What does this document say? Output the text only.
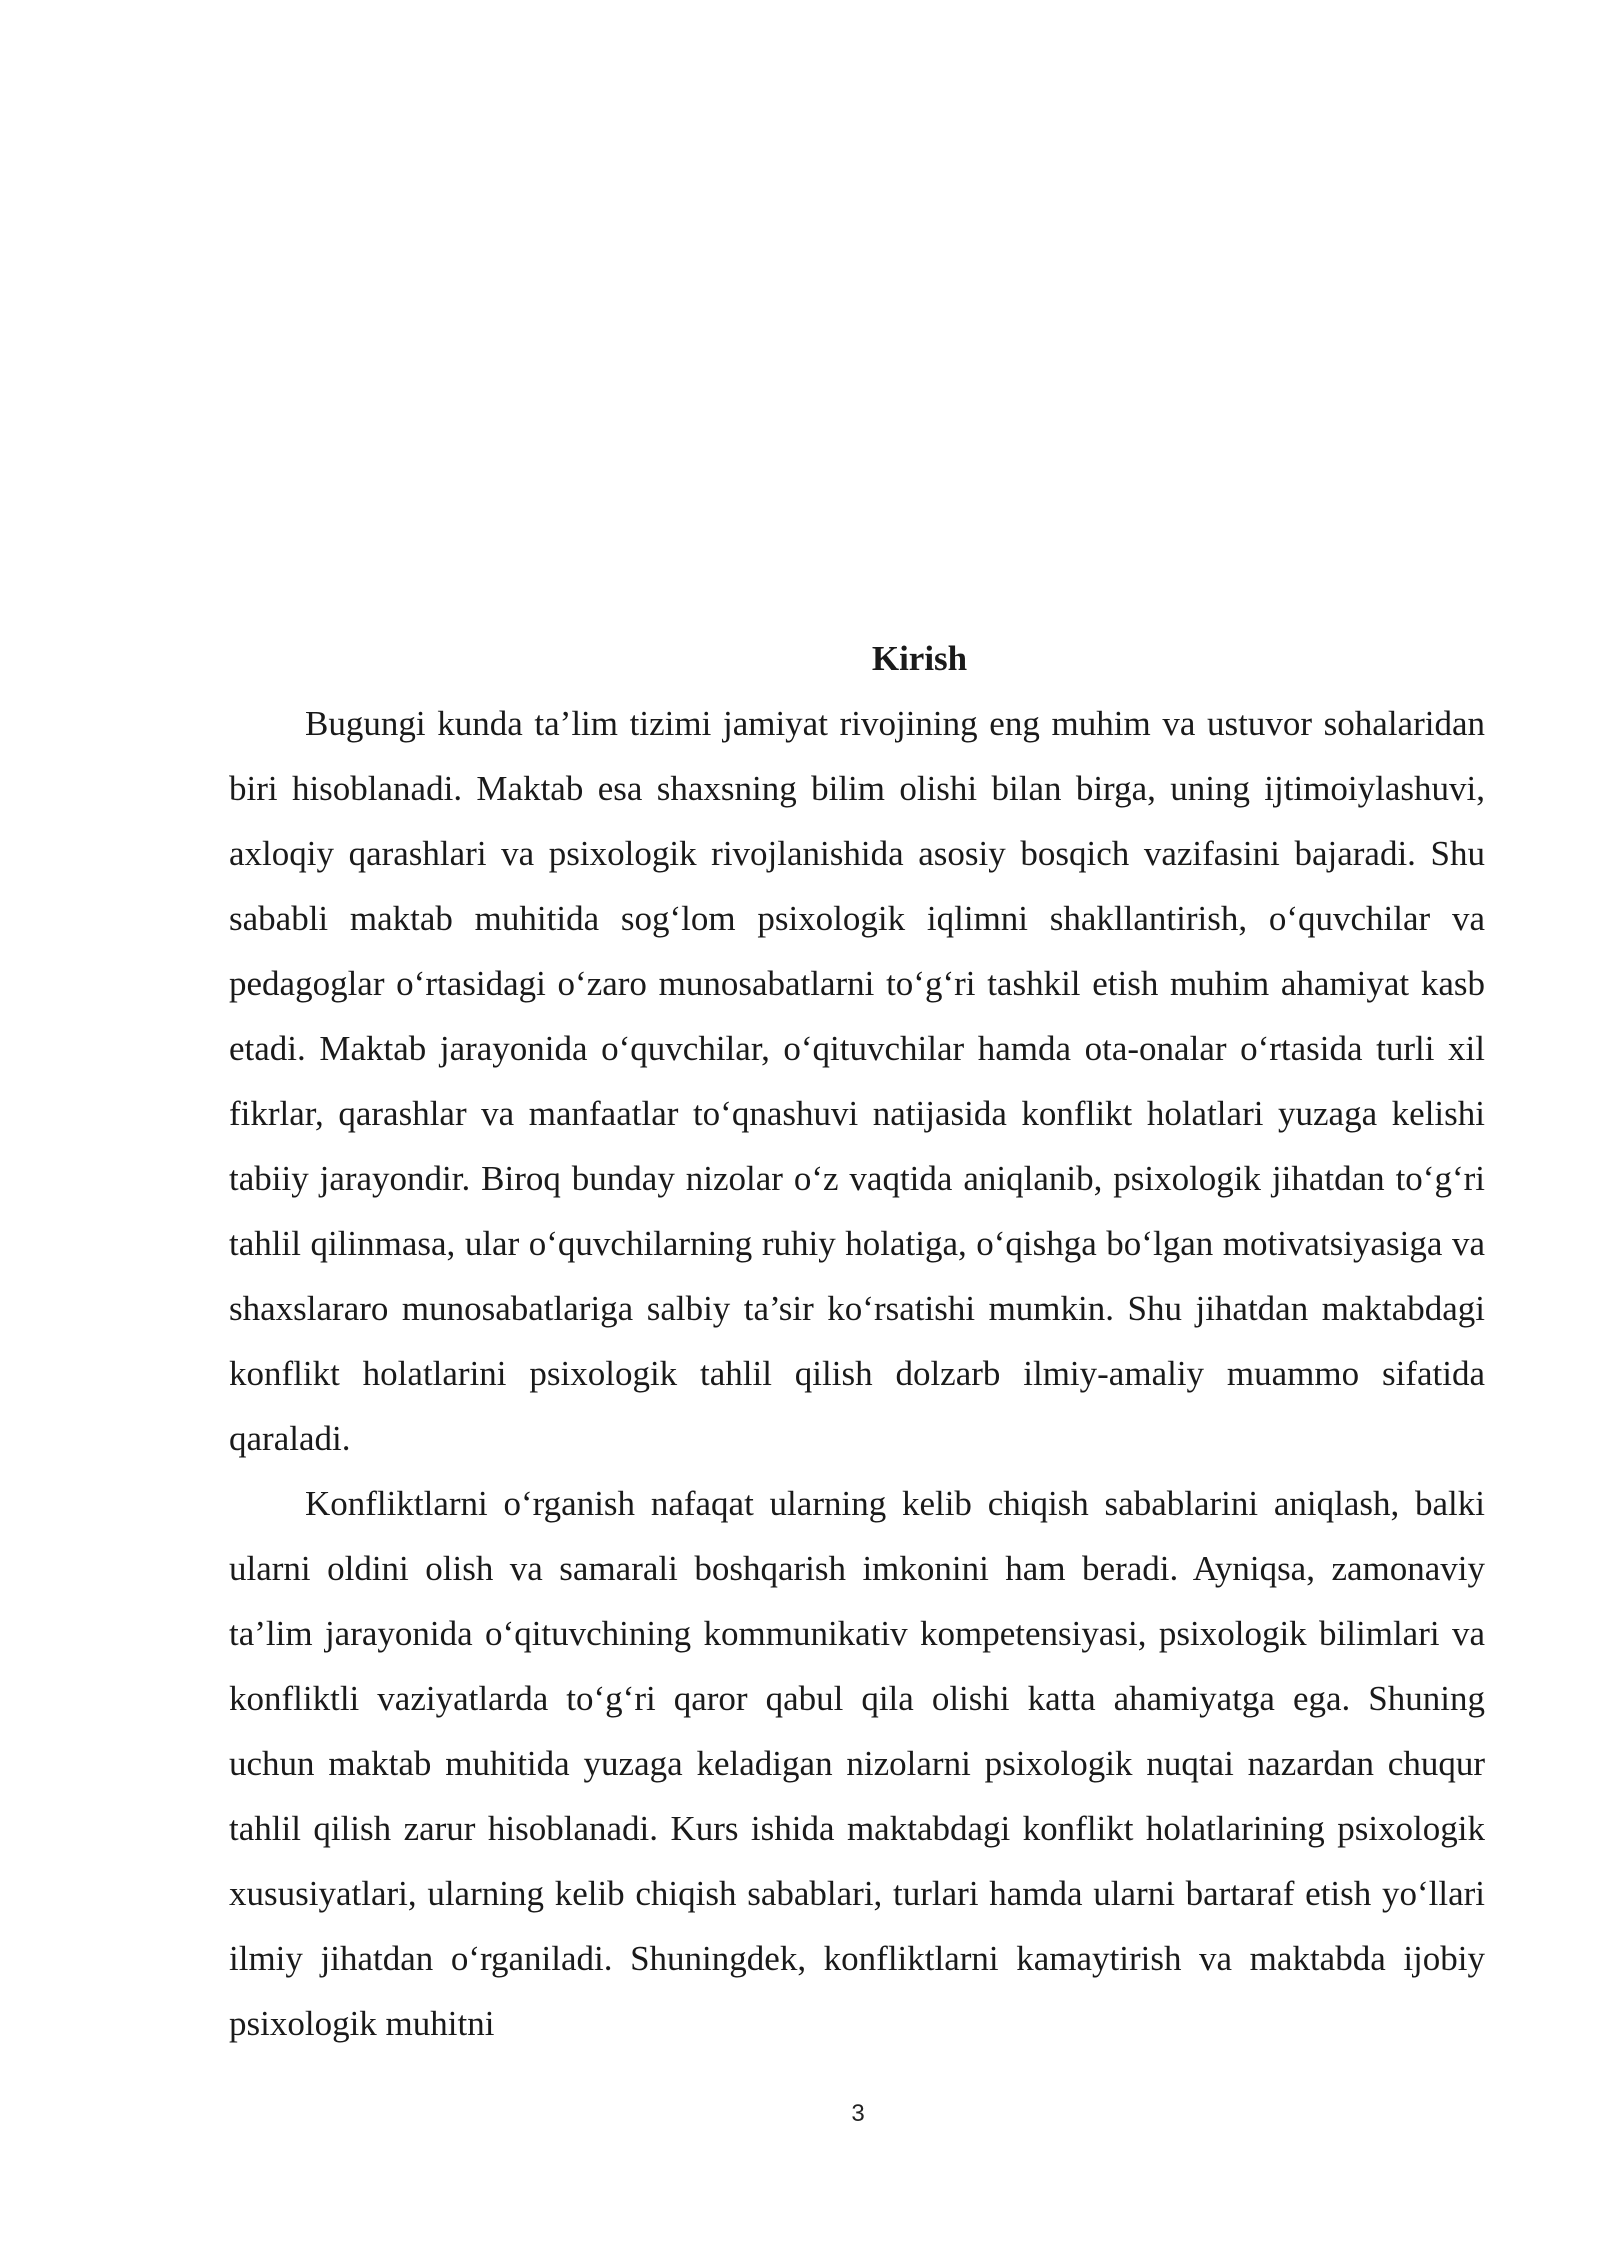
Kirish

Bugungi kunda ta’lim tizimi jamiyat rivojining eng muhim va ustuvor sohalaridan biri hisoblanadi. Maktab esa shaxsning bilim olishi bilan birga, uning ijtimoiylashuvi, axloqiy qarashlari va psixologik rivojlanishida asosiy bosqich vazifasini bajaradi. Shu sababli maktab muhitida sog‘lom psixologik iqlimni shakllantirish, o‘quvchilar va pedagoglar o‘rtasidagi o‘zaro munosabatlarni to‘g‘ri tashkil etish muhim ahamiyat kasb etadi. Maktab jarayonida o‘quvchilar, o‘qituvchilar hamda ota-onalar o‘rtasida turli xil fikrlar, qarashlar va manfaatlar to‘qnashuvi natijasida konflikt holatlari yuzaga kelishi tabiiy jarayondir. Biroq bunday nizolar o‘z vaqtida aniqlanib, psixologik jihatdan to‘g‘ri tahlil qilinmasa, ular o‘quvchilarning ruhiy holatiga, o‘qishga bo‘lgan motivatsiyasiga va shaxslararo munosabatlariga salbiy ta’sir ko‘rsatishi mumkin. Shu jihatdan maktabdagi konflikt holatlarini psixologik tahlil qilish dolzarb ilmiy-amaliy muammo sifatida qaraladi.

Konfliktlarni o‘rganish nafaqat ularning kelib chiqish sabablarini aniqlash, balki ularni oldini olish va samarali boshqarish imkonini ham beradi. Ayniqsa, zamonaviy ta’lim jarayonida o‘qituvchining kommunikativ kompetensiyasi, psixologik bilimlari va konfliktli vaziyatlarda to‘g‘ri qaror qabul qila olishi katta ahamiyatga ega. Shuning uchun maktab muhitida yuzaga keladigan nizolarni psixologik nuqtai nazardan chuqur tahlil qilish zarur hisoblanadi. Kurs ishida maktabdagi konflikt holatlarining psixologik xususiyatlari, ularning kelib chiqish sabablari, turlari hamda ularni bartaraf etish yo‘llari ilmiy jihatdan o‘rganiladi. Shuningdek, konfliktlarni kamaytirish va maktabda ijobiy psixologik muhitni

3
